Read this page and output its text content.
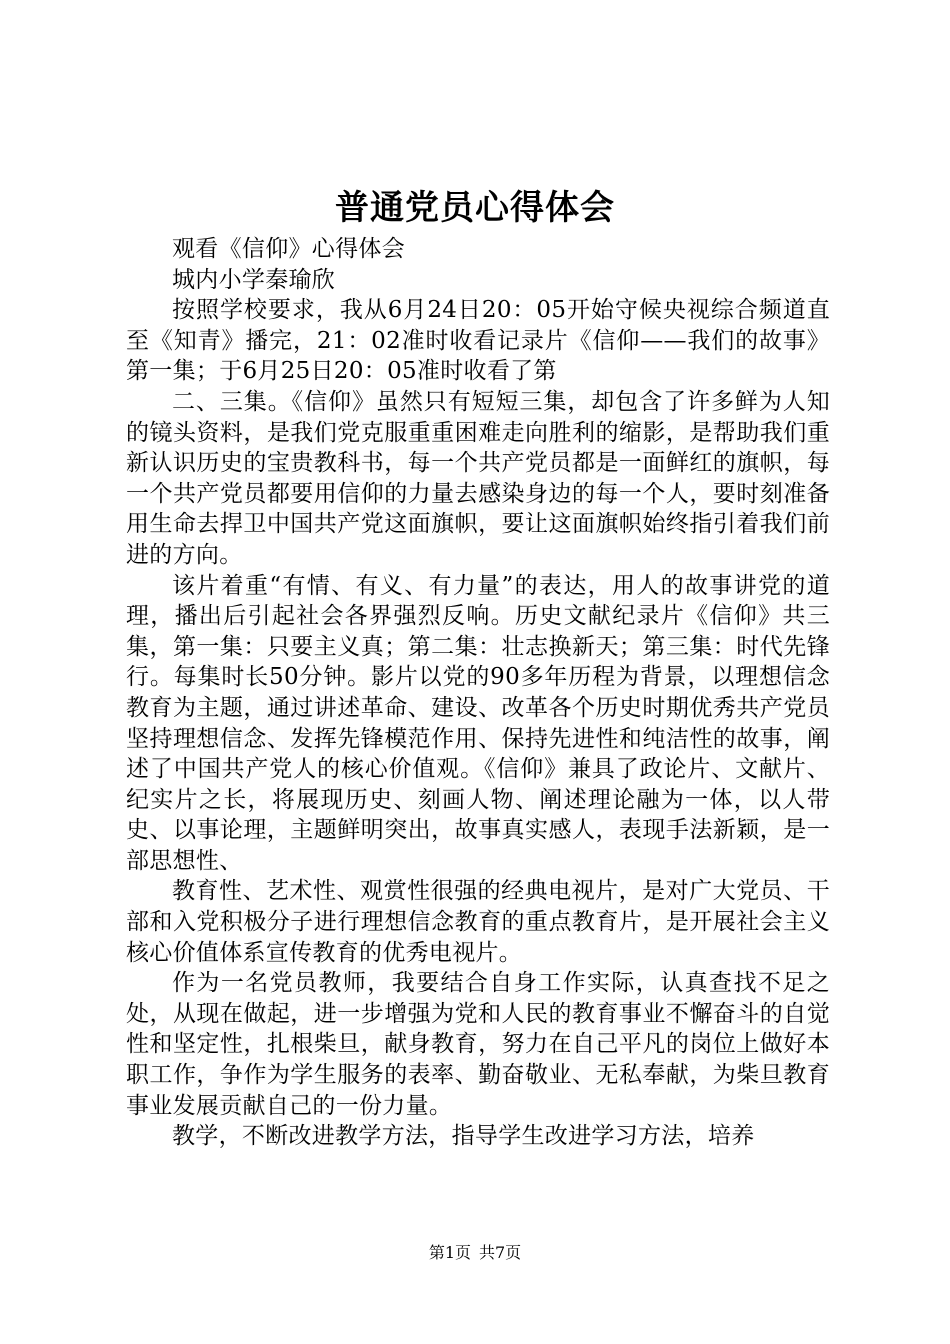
普通党员心得体会

观看《信仰》心得体会

城内小学秦瑜欣

按照学校要求，我从6月24日20：05开始守候央视综合频道直至《知青》播完，21：02准时收看记录片《信仰——我们的故事》第一集；于6月25日20：05准时收看了第

二、三集。《信仰》虽然只有短短三集，却包含了许多鲜为人知的镜头资料，是我们党克服重重困难走向胜利的缩影，是帮助我们重新认识历史的宝贵教科书，每一个共产党员都是一面鲜红的旗帜，每一个共产党员都要用信仰的力量去感染身边的每一个人，要时刻准备用生命去捍卫中国共产党这面旗帜，要让这面旗帜始终指引着我们前进的方向。

该片着重“有情、有义、有力量”的表达，用人的故事讲党的道理，播出后引起社会各界强烈反响。历史文献纪录片《信仰》共三集，第一集：只要主义真；第二集：壮志换新天；第三集：时代先锋行。每集时长50分钟。影片以党的90多年历程为背景，以理想信念教育为主题，通过讲述革命、建设、改革各个历史时期优秀共产党员坚持理想信念、发挥先锋模范作用、保持先进性和纯洁性的故事，阐述了中国共产党人的核心价值观。《信仰》兼具了政论片、文献片、纪实片之长，将展现历史、刻画人物、阐述理论融为一体，以人带史、以事论理，主题鲜明突出，故事真实感人，表现手法新颖，是一部思想性、

教育性、艺术性、观赏性很强的经典电视片，是对广大党员、干部和入党积极分子进行理想信念教育的重点教育片，是开展社会主义核心价值体系宣传教育的优秀电视片。

作为一名党员教师，我要结合自身工作实际，认真查找不足之处，从现在做起，进一步增强为党和人民的教育事业不懈奋斗的自觉性和坚定性，扎根柴旦，献身教育，努力在自己平凡的岗位上做好本职工作，争作为学生服务的表率、勤奋敬业、无私奉献，为柴旦教育事业发展贡献自己的一份力量。

教学，不断改进教学方法，指导学生改进学习方法，培养

第1页 共7页
